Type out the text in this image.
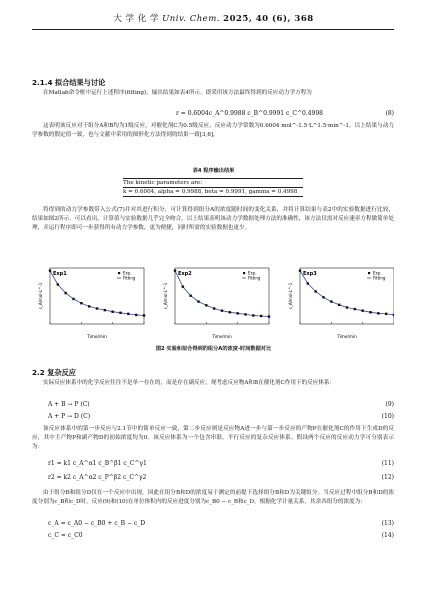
大 学 化 学 Univ. Chem. 2025, 40 (6), 368
2.1.4 拟合结果与讨论
在Matlab命令框中运行上述程序(fitting)，输出结果如表4所示。即采用该方法最终得到的反应动力学方程为
r = 0.6004c_A^0.9988 c_B^0.9991 c_C^0.4998	(8)
这表明该反应对于组分A和B均为1级反应，对催化剂C为0.5级反应，反应动力学常数为0.6004 mol^-1.5·L^1.5·min^-1。以上结果与动力学参数的假定值一致，也与文献中采用的图形化方法得到的结果一致[3,6]。
表4 程序输出结果
The kinetic parameters are:
k = 0.6004, alpha = 0.9988, beta = 0.9991, gamma = 0.4998
将得到的动力学参数带入公式(7)并对其进行积分，可计算得到组分A的浓度随时间的变化关系，并将计算结果与表2中的实验数据进行比较，结果如图2所示。可以看出，计算值与实验数据几乎完全吻合。以上结果表明该动力学数据处理方法的准确性，该方法仅需对反应速率方程做简单处理，并运行程序即可一步获得所有动力学参数，更为便捷，同时所需的实验数据也更少。
Exp1	Exp.
Fitting
Time/min
c_A/mol·L^-1
Exp2	Exp.
Fitting
Time/min
c_A/mol·L^-1
Exp3	Exp.
Fitting
Time/min
c_A/mol·L^-1
图2 实验和拟合得到的组分A的浓度-时间数据对比
2.2 复杂反应
实际反应体系中的化学反应往往不是单一存在的，而是存在副反应，现考虑反应物A和B在催化剂C作用下的反应体系：
A + B → P (C)	(9)
A + P → D (C)	(10)
该反应体系中的第一步反应与2.1节中的简单反应一致，第二步反应则是反应物A进一步与第一步反应的产物P在催化剂C的作用下生成D的反应，其中主产物P和副产物D的初始浓度均为0。该反应体系为一个包含串联、平行反应的复杂反应体系。假设两个反应的反应动力学可分别表示为：
r1 = k1 c_A^α1 c_B^β1 c_C^γ1	(11)
r2 = k2 c_A^α2 c_P^β2 c_C^γ2	(12)
由于组分B和组分D仅在一个反应中出现，因此在组分B和D的浓度易于测定的前提下选择组分B和D为关键组分。当反应过程中组分B和D的浓度分别为c_B和c_D时，反应(9)和(10)在单位体积内的反应进度分别为c_B0 − c_B和c_D。根据化学计量关系，其余各组分的浓度为：
c_A = c_A0 − c_B0 + c_B − c_D	(13)
c_C = c_C0	(14)
